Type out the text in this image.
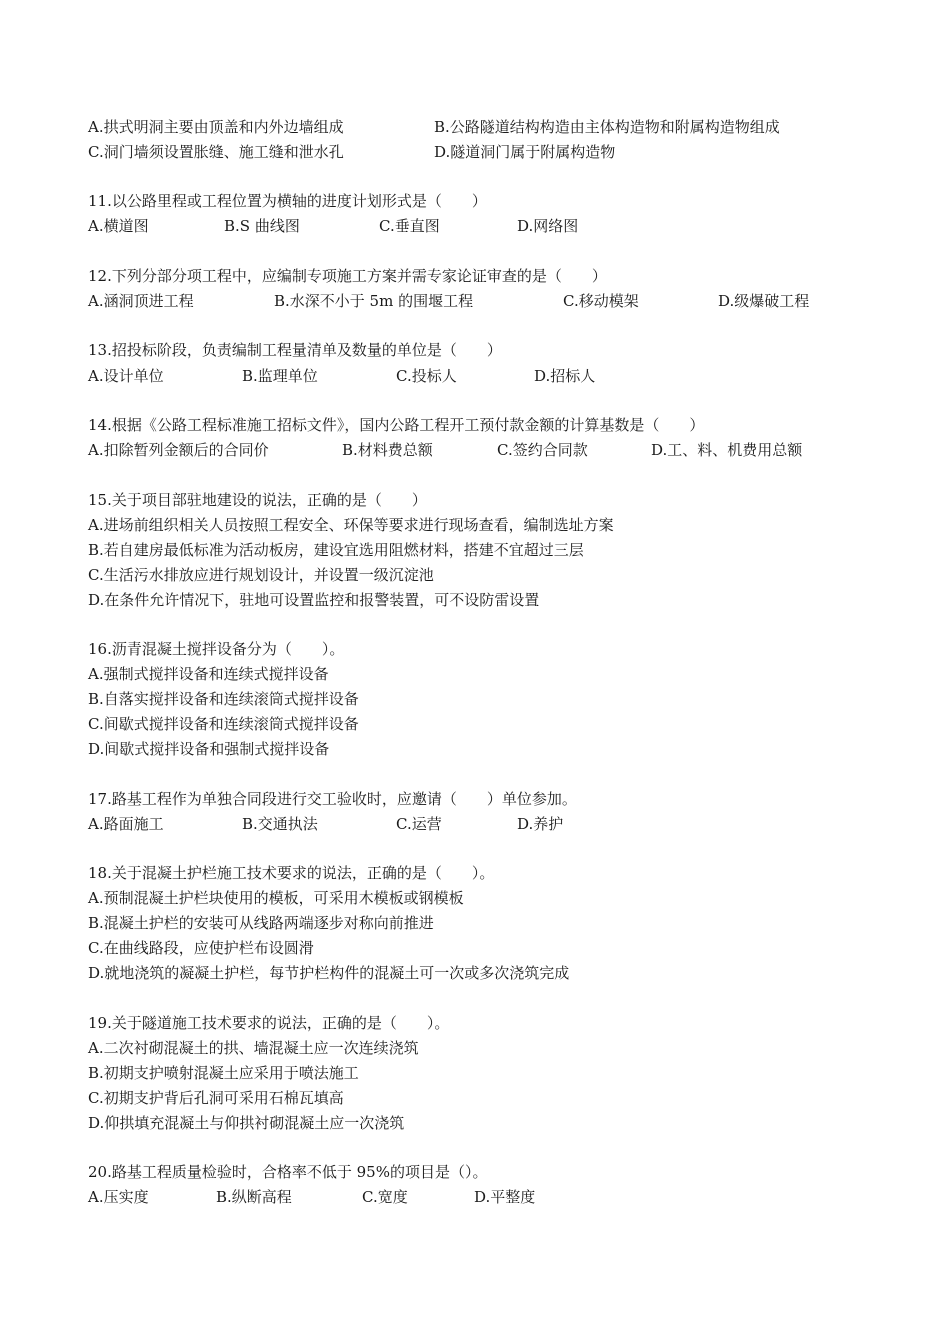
A.拱式明洞主要由顶盖和内外边墙组成	B.公路隧道结构构造由主体构造物和附属构造物组成
C.洞门墙须设置胀缝、施工缝和泄水孔	D.隧道洞门属于附属构造物
11.以公路里程或工程位置为横轴的进度计划形式是（　　）
A.横道图	B.S 曲线图	C.垂直图	D.网络图
12.下列分部分项工程中，应编制专项施工方案并需专家论证审查的是（　　）
A.涵洞顶进工程	B.水深不小于 5m 的围堰工程	C.移动模架	D.级爆破工程
13.招投标阶段，负责编制工程量清单及数量的单位是（　　）
A.设计单位	B.监理单位	C.投标人	D.招标人
14.根据《公路工程标准施工招标文件》，国内公路工程开工预付款金额的计算基数是（　　）
A.扣除暂列金额后的合同价	B.材料费总额	C.签约合同款	D.工、料、机费用总额
15.关于项目部驻地建设的说法，正确的是（　　）
A.进场前组织相关人员按照工程安全、环保等要求进行现场查看，编制选址方案
B.若自建房最低标准为活动板房，建设宜选用阻燃材料，搭建不宜超过三层
C.生活污水排放应进行规划设计，并设置一级沉淀池
D.在条件允许情况下，驻地可设置监控和报警装置，可不设防雷设置
16.沥青混凝土搅拌设备分为（　　）。
A.强制式搅拌设备和连续式搅拌设备
B.自落实搅拌设备和连续滚筒式搅拌设备
C.间歇式搅拌设备和连续滚筒式搅拌设备
D.间歇式搅拌设备和强制式搅拌设备
17.路基工程作为单独合同段进行交工验收时，应邀请（　　）单位参加。
A.路面施工	B.交通执法	C.运营	D.养护
18.关于混凝土护栏施工技术要求的说法，正确的是（　　）。
A.预制混凝土护栏块使用的模板，可采用木模板或钢模板
B.混凝土护栏的安装可从线路两端逐步对称向前推进
C.在曲线路段，应使护栏布设圆滑
D.就地浇筑的凝凝土护栏，每节护栏构件的混凝土可一次或多次浇筑完成
19.关于隧道施工技术要求的说法，正确的是（　　）。
A.二次衬砌混凝土的拱、墙混凝土应一次连续浇筑
B.初期支护喷射混凝土应采用于喷法施工
C.初期支护背后孔洞可采用石棉瓦填高
D.仰拱填充混凝土与仰拱衬砌混凝土应一次浇筑
20.路基工程质量检验时，合格率不低于 95%的项目是（）。
A.压实度	B.纵断高程	C.宽度	D.平整度
